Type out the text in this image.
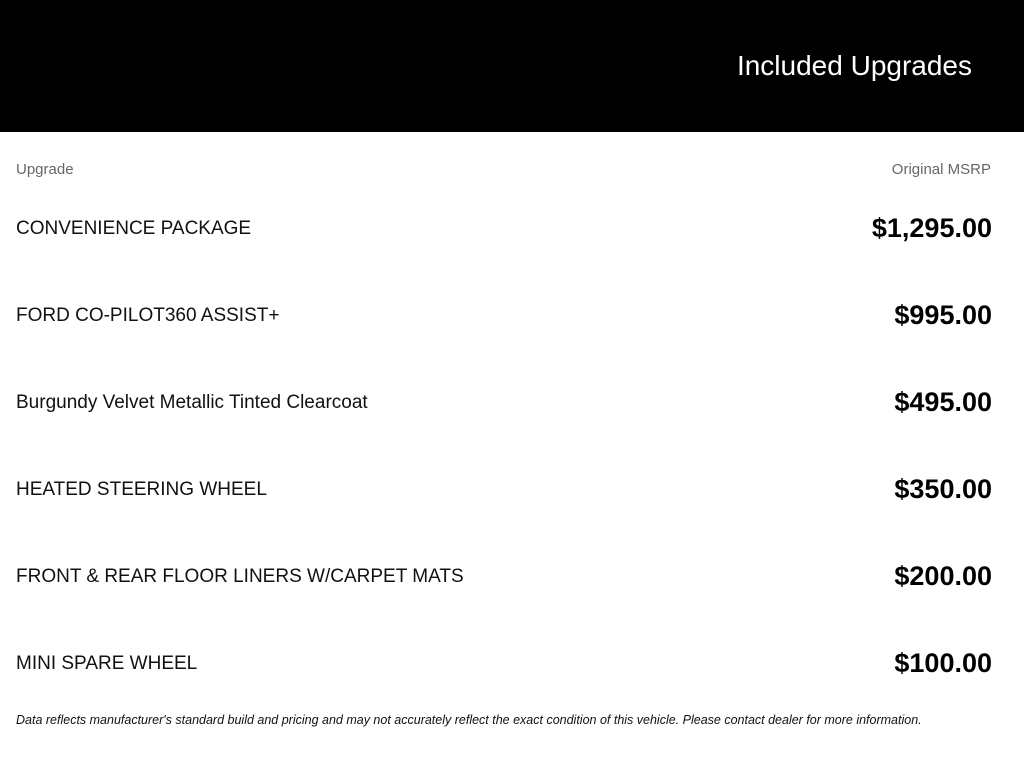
Included Upgrades
Upgrade	Original MSRP
CONVENIENCE PACKAGE	$1,295.00
FORD CO-PILOT360 ASSIST+	$995.00
Burgundy Velvet Metallic Tinted Clearcoat	$495.00
HEATED STEERING WHEEL	$350.00
FRONT & REAR FLOOR LINERS W/CARPET MATS	$200.00
MINI SPARE WHEEL	$100.00
Data reflects manufacturer's standard build and pricing and may not accurately reflect the exact condition of this vehicle. Please contact dealer for more information.
